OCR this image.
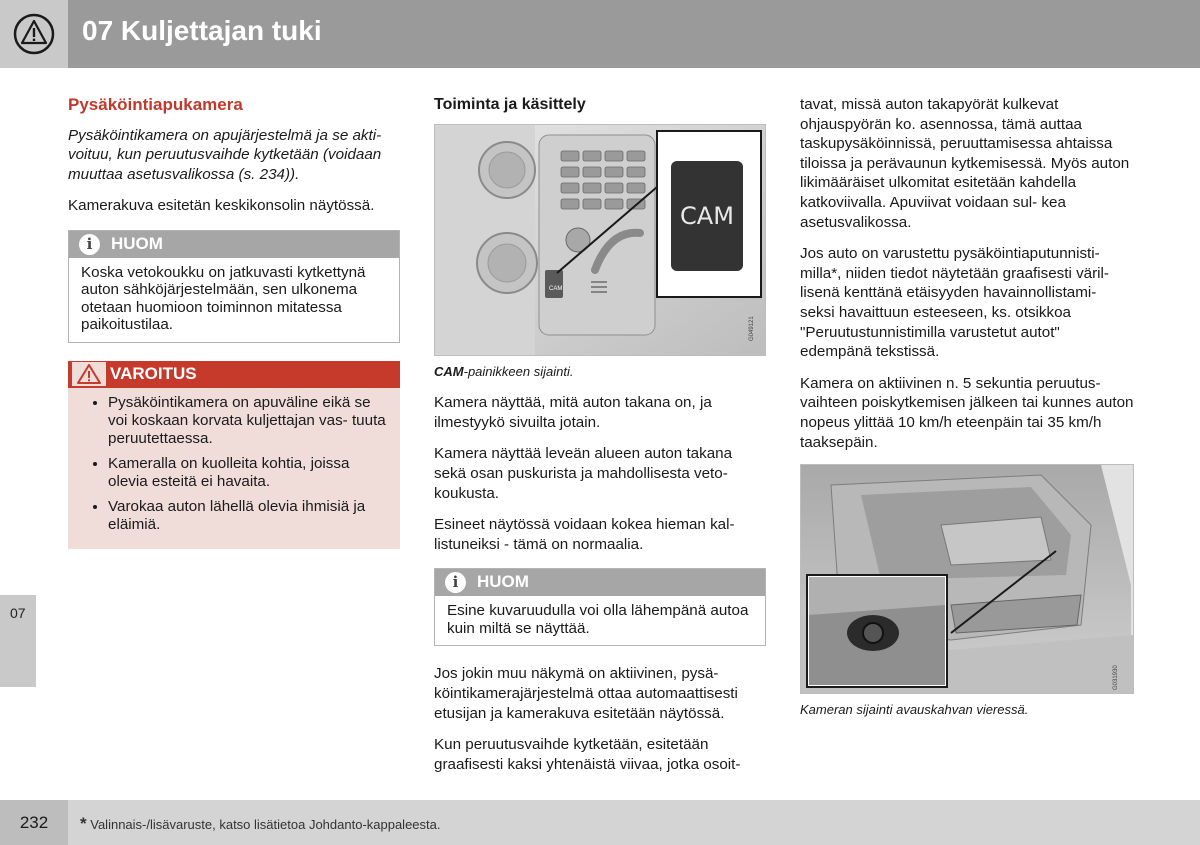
07 Kuljettajan tuki
07
Pysäköintiapukamera

Pysäköintikamera on apujärjestelmä ja se akti- voituu, kun peruutusvaihde kytketään (voidaan muuttaa asetusvalikossa (s. 234)).

Kamerakuva esitetän keskikonsolin näytössä.

i	HUOM
Koska vetokoukku on jatkuvasti kytkettynä auton sähköjärjestelmään, sen ulkonema otetaan huomioon toiminnon mitatessa paikoitustilaa.
VAROITUS
• Pysäköintikamera on apuväline eikä se voi koskaan korvata kuljettajan vas- tuuta peruutettaessa.
• Kameralla on kuolleita kohtia, joissa olevia esteitä ei havaita.
• Varokaa auton lähellä olevia ihmisiä ja eläimiä.
Toiminta ja käsittely
CAM
CAM
G049121
CAM-painikkeen sijainti.

Kamera näyttää, mitä auton takana on, ja ilmestyykö sivuilta jotain.

Kamera näyttää leveän alueen auton takana sekä osan puskurista ja mahdollisesta veto- koukusta.

Esineet näytössä voidaan kokea hieman kal- listuneiksi - tämä on normaalia.

i	HUOM
Esine kuvaruudulla voi olla lähempänä autoa kuin miltä se näyttää.

Jos jokin muu näkymä on aktiivinen, pysä- köintikamerajärjestelmä ottaa automaattisesti etusijan ja kamerakuva esitetään näytössä.

Kun peruutusvaihde kytketään, esitetään graafisesti kaksi yhtenäistä viivaa, jotka osoit-

tavat, missä auton takapyörät kulkevat ohjauspyörän ko. asennossa, tämä auttaa taskupysäköinnissä, peruuttamisessa ahtaissa tiloissa ja perävaunun kytkemisessä. Myös auton likimääräiset ulkomitat esitetään kahdella katkoviivalla. Apuviivat voidaan sul- kea asetusvalikossa.

Jos auto on varustettu pysäköintiaputunnisti- milla*, niiden tiedot näytetään graafisesti väril- lisenä kenttänä etäisyyden havainnollistami- seksi havaittuun esteeseen, ks. otsikkoa "Peruutustunnistimilla varustetut autot" edempänä tekstissä.

Kamera on aktiivinen n. 5 sekuntia peruutus- vaihteen poiskytkemisen jälkeen tai kunnes auton nopeus ylittää 10 km/h eteenpäin tai 35 km/h taaksepäin.

G031930
Kameran sijainti avauskahvan vieressä.
232	* Valinnais-/lisävaruste, katso lisätietoa Johdanto-kappaleesta.
